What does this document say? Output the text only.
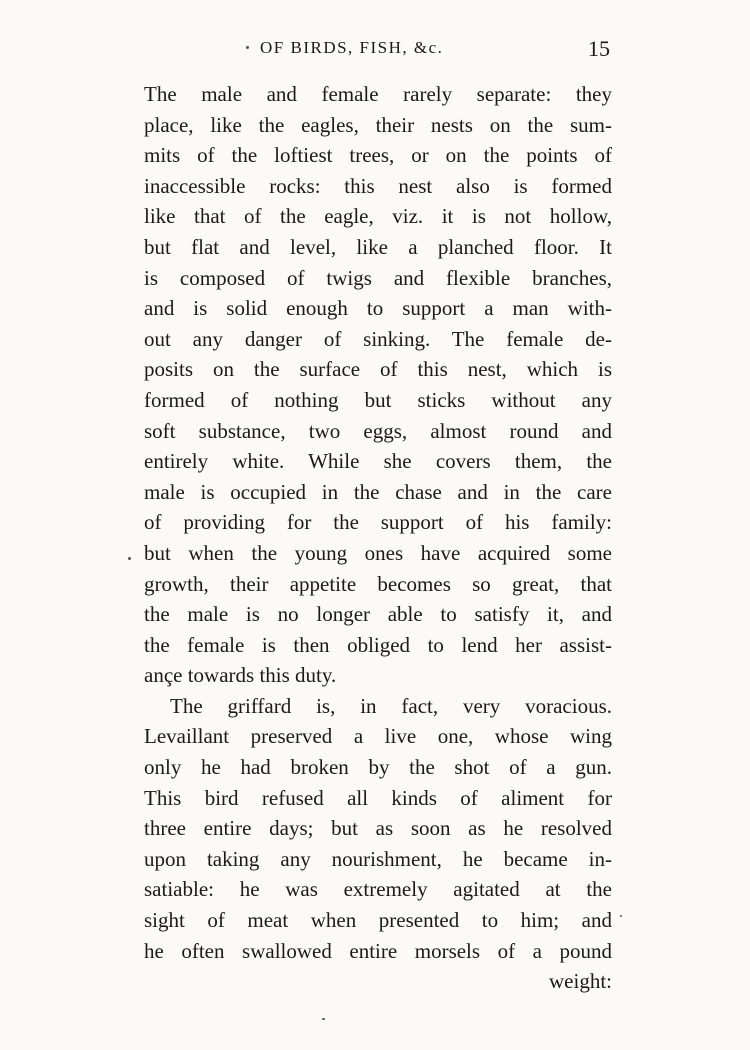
OF BIRDS, FISH, &c.	15
The male and female rarely separate: they
place, like the eagles, their nests on the sum-
mits of the loftiest trees, or on the points of
inaccessible rocks: this nest also is formed
like that of the eagle, viz. it is not hollow,
but flat and level, like a planched floor. It
is composed of twigs and flexible branches,
and is solid enough to support a man with-
out any danger of sinking. The female de-
posits on the surface of this nest, which is
formed of nothing but sticks without any
soft substance, two eggs, almost round and
entirely white. While she covers them, the
male is occupied in the chase and in the care
of providing for the support of his family:
but when the young ones have acquired some
growth, their appetite becomes so great, that
the male is no longer able to satisfy it, and
the female is then obliged to lend her assist-
ançe towards this duty.
The griffard is, in fact, very voracious.
Levaillant preserved a live one, whose wing
only he had broken by the shot of a gun.
This bird refused all kinds of aliment for
three entire days; but as soon as he resolved
upon taking any nourishment, he became in-
satiable: he was extremely agitated at the
sight of meat when presented to him; and
he often swallowed entire morsels of a pound
weight:
